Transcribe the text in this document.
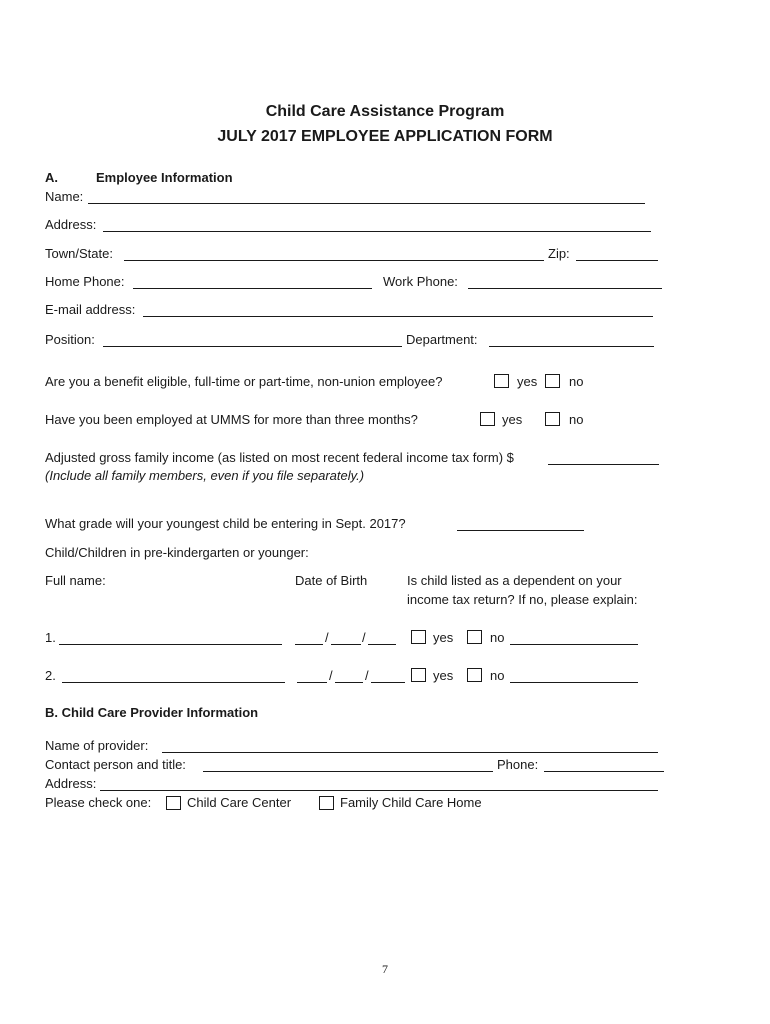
Child Care Assistance Program
JULY 2017 EMPLOYEE APPLICATION FORM
A.	Employee Information
Name:
Address:
Town/State:	Zip:
Home Phone:	Work Phone:
E-mail address:
Position:	Department:
Are you a benefit eligible, full-time or part-time, non-union employee?	yes no
Have you been employed at UMMS for more than three months?	yes	no
Adjusted gross family income (as listed on most recent federal income tax form) $
(Include all family members, even if you file separately.)
What grade will your youngest child be entering in Sept. 2017?
Child/Children in pre-kindergarten or younger:
Full name:	Date of Birth	Is child listed as a dependent on your
income tax return? If no, please explain:
1.	/	/	yes	no
2.	/ /	yes	no
B. Child Care Provider Information
Name of provider:
Contact person and title:	Phone:
Address:
Please check one:	Child Care Center	Family Child Care Home
7
